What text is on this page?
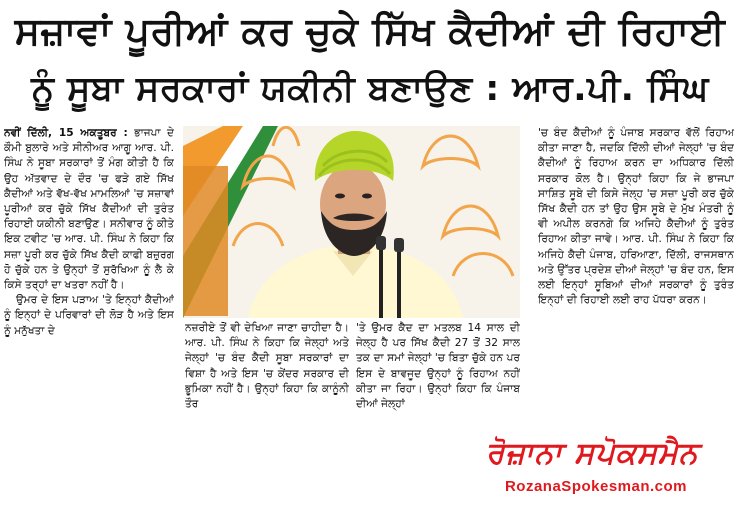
ਸਜ਼ਾਵਾਂ ਪੂਰੀਆਂ ਕਰ ਚੁਕੇ ਸਿੱਖ ਕੈਦੀਆਂ ਦੀ ਰਿਹਾਈ
ਨੂੰ ਸੂਬਾ ਸਰਕਾਰਾਂ ਯਕੀਨੀ ਬਣਾਉਣ : ਆਰ.ਪੀ. ਸਿੰਘ

ਨਵੀਂ ਦਿੱਲੀ, 15 ਅਕਤੂਬਰ : ਭਾਜਪਾ ਦੇ ਕੌਮੀ ਬੁਲਾਰੇ ਅਤੇ ਸੀਨੀਅਰ ਆਗੂ ਆਰ. ਪੀ. ਸਿੰਘ ਨੇ ਸੂਬਾ ਸਰਕਾਰਾਂ ਤੋਂ ਮੰਗ ਕੀਤੀ ਹੈ ਕਿ ਉਹ ਅੱਤਵਾਦ ਦੇ ਦੌਰ 'ਚ ਫੜੇ ਗਏ ਸਿੱਖ ਕੈਦੀਆਂ ਅਤੇ ਵੱਖ-ਵੱਖ ਮਾਮਲਿਆਂ 'ਚ ਸਜ਼ਾਵਾਂ ਪੂਰੀਆਂ ਕਰ ਚੁੱਕੇ ਸਿੱਖ ਕੈਦੀਆਂ ਦੀ ਤੁਰੰਤ ਰਿਹਾਈ ਯਕੀਨੀ ਬਣਾਉਣ। ਸਨੀਵਾਰ ਨੂੰ ਕੀਤੇ ਇਕ ਟਵੀਟ 'ਚ ਆਰ. ਪੀ. ਸਿੰਘ ਨੇ ਕਿਹਾ ਕਿ ਸਜ਼ਾ ਪੂਰੀ ਕਰ ਚੁੱਕੇ ਸਿੱਖ ਕੈਦੀ ਕਾਫੀ ਬਜ਼ੁਰਗ ਹੋ ਚੁੱਕੇ ਹਨ ਤੇ ਉਨ੍ਹਾਂ ਤੋਂ ਸੁਰੱਖਿਆ ਨੂੰ ਲੈ ਕੇ ਕਿਸੇ ਤਰ੍ਹਾਂ ਦਾ ਖਤਰਾ ਨਹੀਂ ਹੈ।

ਉਮਰ ਦੇ ਇਸ ਪੜਾਅ 'ਤੇ ਇਨ੍ਹਾਂ ਕੈਦੀਆਂ ਨੂੰ ਇਨ੍ਹਾਂ ਦੇ ਪਰਿਵਾਰਾਂ ਦੀ ਲੋੜ ਹੈ ਅਤੇ ਇਸ ਨੂੰ ਮਨੁੱਖਤਾ ਦੇ	ਨਜ਼ਰੀਏ ਤੋਂ ਵੀ ਦੇਖਿਆ ਜਾਣਾ ਚਾਹੀਦਾ ਹੈ। ਆਰ. ਪੀ. ਸਿੰਘ ਨੇ ਕਿਹਾ ਕਿ ਜੇਲ੍ਹਾਂ ਅਤੇ ਜੇਲ੍ਹਾਂ 'ਚ ਬੰਦ ਕੈਦੀ ਸੂਬਾ ਸਰਕਾਰਾਂ ਦਾ ਵਿਸ਼ਾ ਹੈ ਅਤੇ ਇਸ 'ਚ ਕੇਂਦਰ ਸਰਕਾਰ ਦੀ ਭੂਮਿਕਾ ਨਹੀਂ ਹੈ। ਉਨ੍ਹਾਂ ਕਿਹਾ ਕਿ ਕਾਨੂੰਨੀ ਤੌਰ
'ਤੇ ਉਮਰ ਕੈਦ ਦਾ ਮਤਲਬ 14 ਸਾਲ ਦੀ ਜੇਲ੍ਹ ਹੈ ਪਰ ਸਿੱਖ ਕੈਦੀ 27 ਤੋਂ 32 ਸਾਲ ਤਕ ਦਾ ਸਮਾਂ ਜੇਲ੍ਹਾਂ 'ਚ ਬਿਤਾ ਚੁੱਕੇ ਹਨ ਪਰ ਇਸ ਦੇ ਬਾਵਜੂਦ ਉਨ੍ਹਾਂ ਨੂੰ ਰਿਹਾਅ ਨਹੀਂ ਕੀਤਾ ਜਾ ਰਿਹਾ। ਉਨ੍ਹਾਂ ਕਿਹਾ ਕਿ ਪੰਜਾਬ ਦੀਆਂ ਜੇਲ੍ਹਾਂ
'ਚ ਬੰਦ ਕੈਦੀਆਂ ਨੂੰ ਪੰਜਾਬ ਸਰਕਾਰ ਵੱਲੋਂ ਰਿਹਾਅ ਕੀਤਾ ਜਾਣਾ ਹੈ, ਜਦਕਿ ਦਿੱਲੀ ਦੀਆਂ ਜੇਲ੍ਹਾਂ 'ਚ ਬੰਦ ਕੈਦੀਆਂ ਨੂੰ ਰਿਹਾਅ ਕਰਨ ਦਾ ਅਧਿਕਾਰ ਦਿੱਲੀ ਸਰਕਾਰ ਕੋਲ ਹੈ। ਉਨ੍ਹਾਂ ਕਿਹਾ ਕਿ ਜੇ ਭਾਜਪਾ ਸਾਸ਼ਿਤ ਸੂਬੇ ਦੀ ਕਿਸੇ ਜੇਲ੍ਹ 'ਚ ਸਜ਼ਾ ਪੂਰੀ ਕਰ ਚੁੱਕੇ ਸਿੱਖ ਕੈਦੀ ਹਨ ਤਾਂ ਉਹ ਉਸ ਸੂਬੇ ਦੇ ਮੁੱਖ ਮੰਤਰੀ ਨੂੰ ਵੀ ਅਪੀਲ ਕਰਨਗੇ ਕਿ ਅਜਿਹੇ ਕੈਦੀਆਂ ਨੂੰ ਤੁਰੰਤ ਰਿਹਾਅ ਕੀਤਾ ਜਾਵੇ। ਆਰ. ਪੀ. ਸਿੰਘ ਨੇ ਕਿਹਾ ਕਿ ਅਜਿਹੇ ਕੈਦੀ ਪੰਜਾਬ, ਹਰਿਆਣਾ, ਦਿੱਲੀ, ਰਾਜਸਥਾਨ ਅਤੇ ਉੱਤਰ ਪ੍ਰਦੇਸ਼ ਦੀਆਂ ਜੇਲ੍ਹਾਂ 'ਚ ਬੰਦ ਹਨ, ਇਸ ਲਈ ਇਨ੍ਹਾਂ ਸੂਬਿਆਂ ਦੀਆਂ ਸਰਕਾਰਾਂ ਨੂੰ ਤੁਰੰਤ ਇਨ੍ਹਾਂ ਦੀ ਰਿਹਾਈ ਲਈ ਰਾਹ ਪੱਧਰਾ ਕਰਨ।
ਰੋਜ਼ਾਨਾ ਸਪੋਕਸਮੈਨ
RozanaSpokesman.com
